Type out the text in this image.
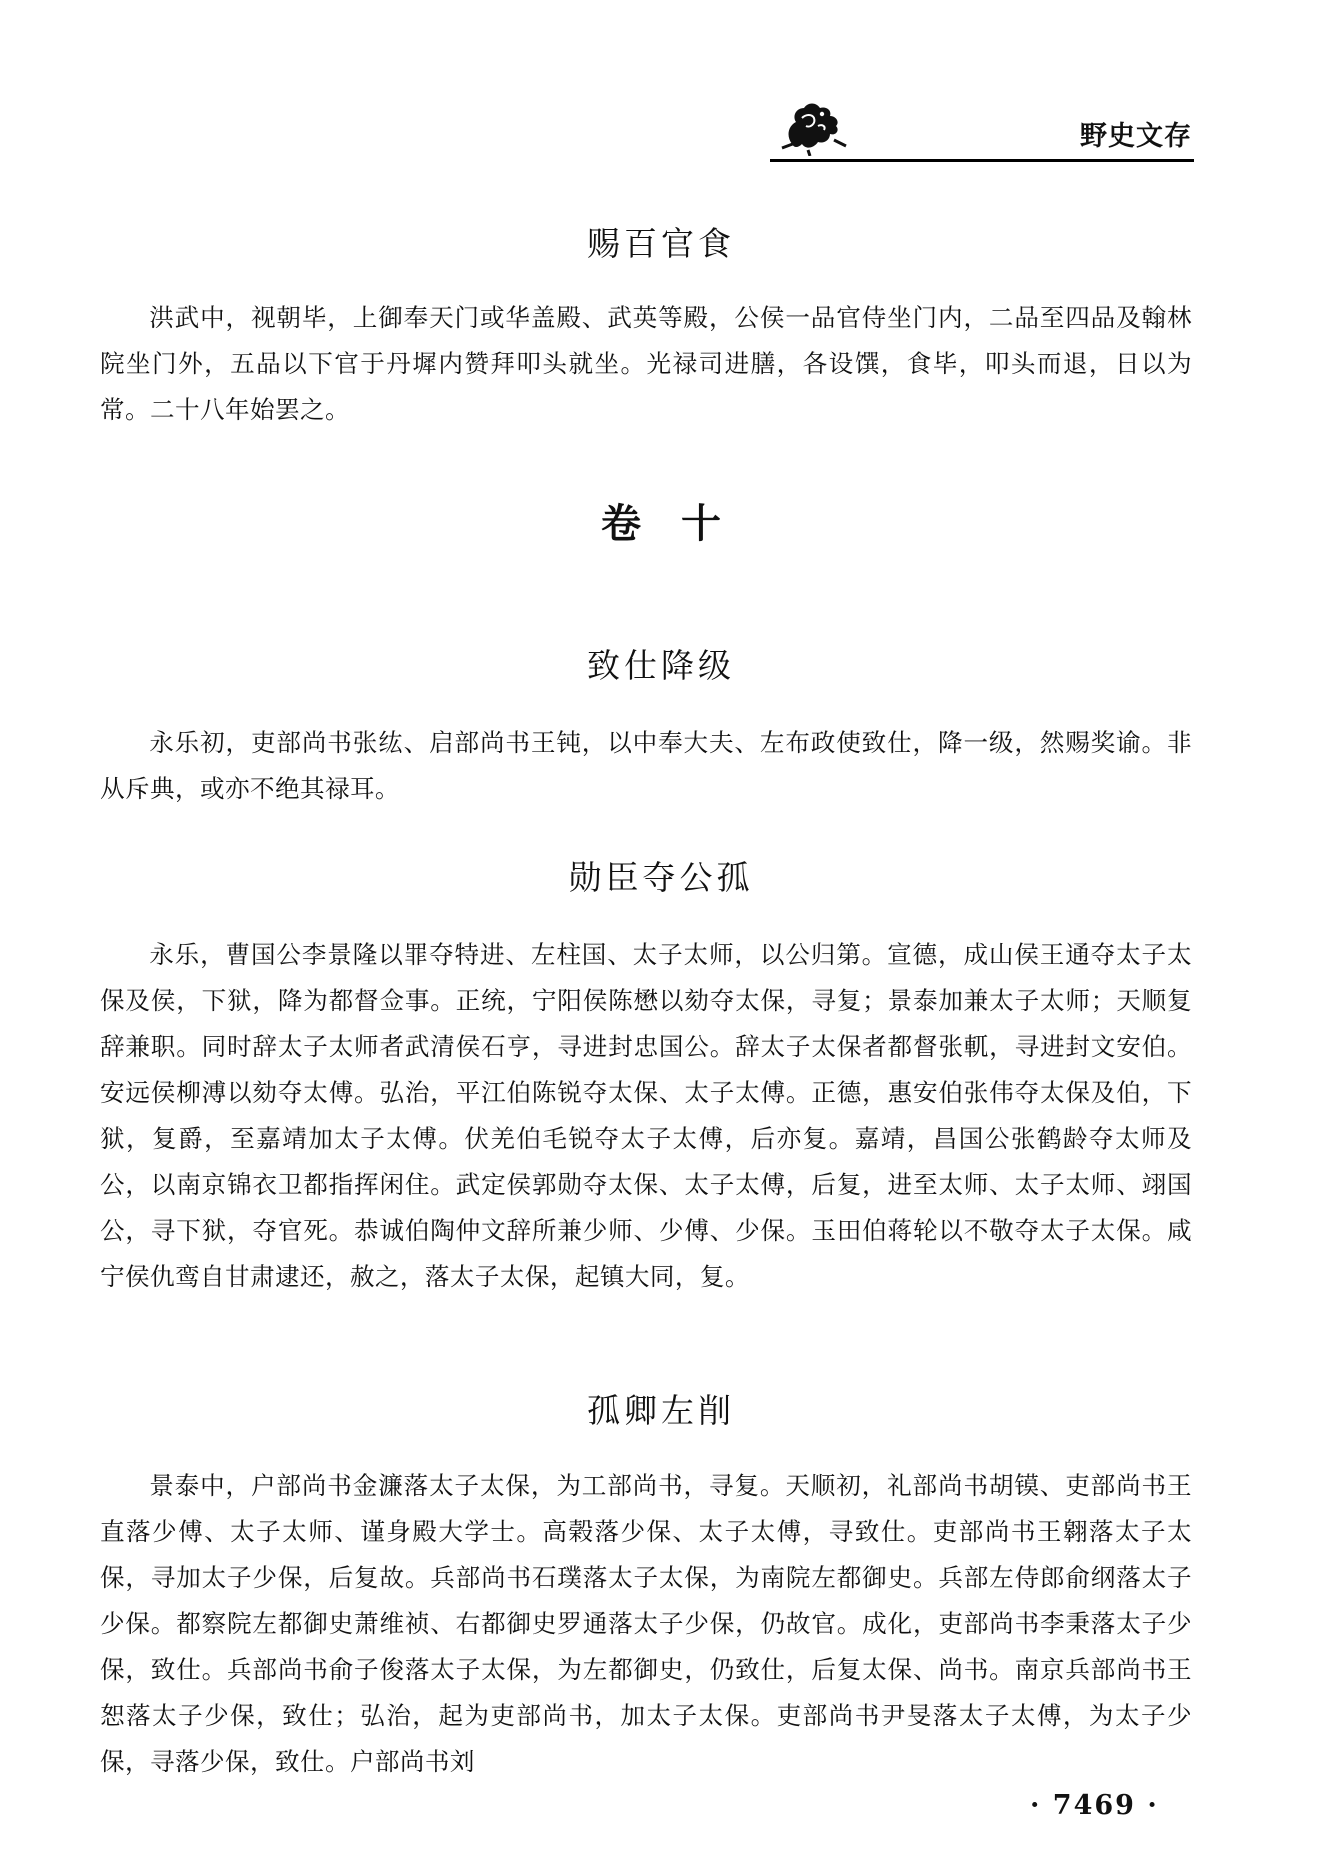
野史文存
赐百官食

洪武中，视朝毕，上御奉天门或华盖殿、武英等殿，公侯一品官侍坐门内，二品至四品及翰林院坐门外，五品以下官于丹墀内赞拜叩头就坐。光禄司进膳，各设馔，食毕，叩头而退，日以为常。二十八年始罢之。

卷十
致仕降级

永乐初，吏部尚书张纮、启部尚书王钝，以中奉大夫、左布政使致仕，降一级，然赐奖谕。非从斥典，或亦不绝其禄耳。

勋臣夺公孤

永乐，曹国公李景隆以罪夺特进、左柱国、太子太师，以公归第。宣德，成山侯王通夺太子太保及侯，下狱，降为都督佥事。正统，宁阳侯陈懋以劾夺太保，寻复；景泰加兼太子太师；天顺复辞兼职。同时辞太子太师者武清侯石亨，寻进封忠国公。辞太子太保者都督张軏，寻进封文安伯。安远侯柳溥以劾夺太傅。弘治，平江伯陈锐夺太保、太子太傅。正德，惠安伯张伟夺太保及伯，下狱，复爵，至嘉靖加太子太傅。伏羌伯毛锐夺太子太傅，后亦复。嘉靖，昌国公张鹤龄夺太师及公，以南京锦衣卫都指挥闲住。武定侯郭勋夺太保、太子太傅，后复，进至太师、太子太师、翊国公，寻下狱，夺官死。恭诚伯陶仲文辞所兼少师、少傅、少保。玉田伯蒋轮以不敬夺太子太保。咸宁侯仇鸾自甘肃逮还，赦之，落太子太保，起镇大同，复。

孤卿左削

景泰中，户部尚书金濂落太子太保，为工部尚书，寻复。天顺初，礼部尚书胡镆、吏部尚书王直落少傅、太子太师、谨身殿大学士。高榖落少保、太子太傅，寻致仕。吏部尚书王翱落太子太保，寻加太子少保，后复故。兵部尚书石璞落太子太保，为南院左都御史。兵部左侍郎俞纲落太子少保。都察院左都御史萧维祯、右都御史罗通落太子少保，仍故官。成化，吏部尚书李秉落太子少保，致仕。兵部尚书俞子俊落太子太保，为左都御史，仍致仕，后复太保、尚书。南京兵部尚书王恕落太子少保，致仕；弘治，起为吏部尚书，加太子太保。吏部尚书尹旻落太子太傅，为太子少保，寻落少保，致仕。户部尚书刘

· 7469 ·
